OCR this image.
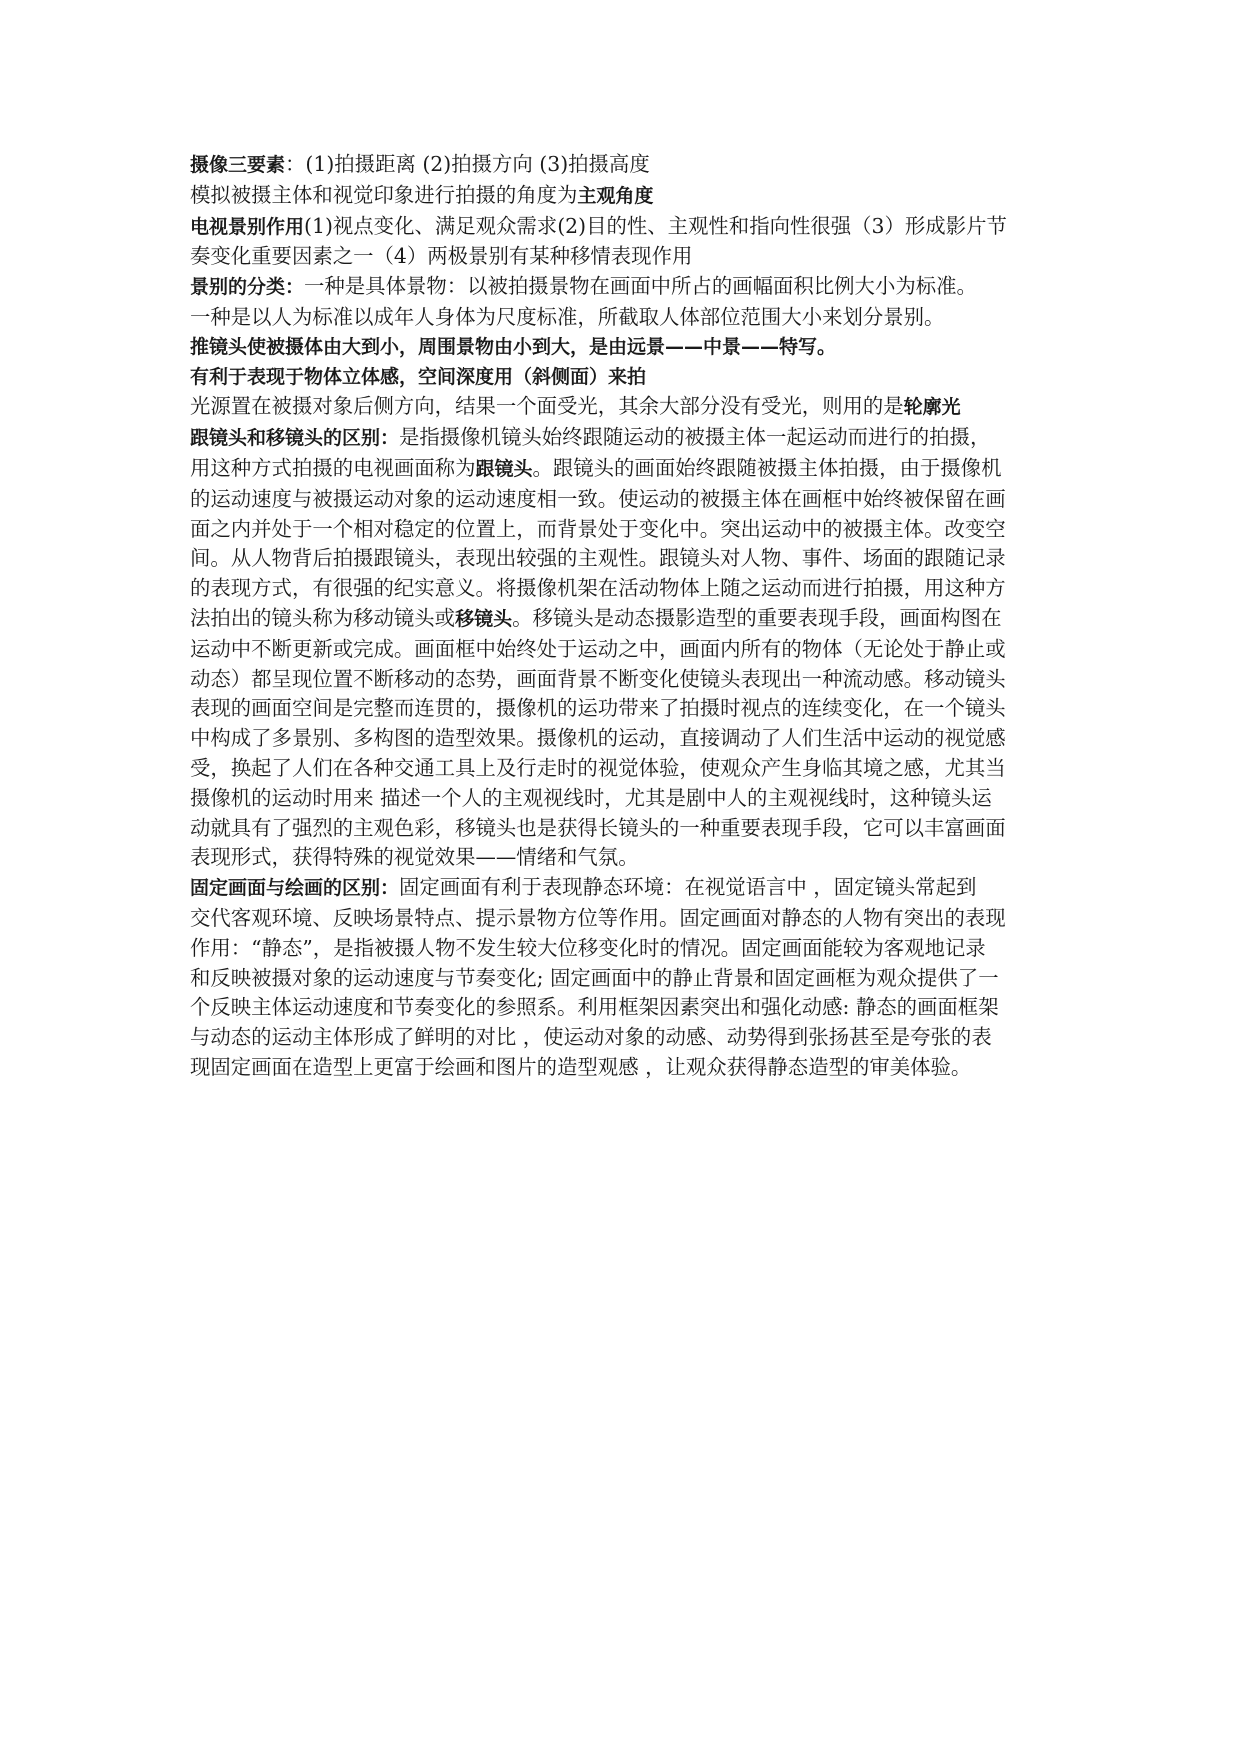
摄像三要素：(1)拍摄距离 (2)拍摄方向 (3)拍摄高度
模拟被摄主体和视觉印象进行拍摄的角度为主观角度
电视景别作用(1)视点变化、满足观众需求(2)目的性、主观性和指向性很强（3）形成影片节
奏变化重要因素之一（4）两极景别有某种移情表现作用
景别的分类：一种是具体景物：以被拍摄景物在画面中所占的画幅面积比例大小为标准。
一种是以人为标准以成年人身体为尺度标准，所截取人体部位范围大小来划分景别。
推镜头使被摄体由大到小，周围景物由小到大，是由远景——中景——特写。
有利于表现于物体立体感，空间深度用（斜侧面）来拍
光源置在被摄对象后侧方向，结果一个面受光，其余大部分没有受光，则用的是轮廓光
跟镜头和移镜头的区别：是指摄像机镜头始终跟随运动的被摄主体一起运动而进行的拍摄，
用这种方式拍摄的电视画面称为跟镜头。跟镜头的画面始终跟随被摄主体拍摄，由于摄像机
的运动速度与被摄运动对象的运动速度相一致。使运动的被摄主体在画框中始终被保留在画
面之内并处于一个相对稳定的位置上，而背景处于变化中。突出运动中的被摄主体。改变空
间。从人物背后拍摄跟镜头，表现出较强的主观性。跟镜头对人物、事件、场面的跟随记录
的表现方式，有很强的纪实意义。将摄像机架在活动物体上随之运动而进行拍摄，用这种方
法拍出的镜头称为移动镜头或移镜头。移镜头是动态摄影造型的重要表现手段，画面构图在
运动中不断更新或完成。画面框中始终处于运动之中，画面内所有的物体（无论处于静止或
动态）都呈现位置不断移动的态势，画面背景不断变化使镜头表现出一种流动感。移动镜头
表现的画面空间是完整而连贯的，摄像机的运功带来了拍摄时视点的连续变化，在一个镜头
中构成了多景别、多构图的造型效果。摄像机的运动，直接调动了人们生活中运动的视觉感
受，换起了人们在各种交通工具上及行走时的视觉体验，使观众产生身临其境之感，尤其当
摄像机的运动时用来 描述一个人的主观视线时，尤其是剧中人的主观视线时，这种镜头运
动就具有了强烈的主观色彩，移镜头也是获得长镜头的一种重要表现手段，它可以丰富画面
表现形式，获得特殊的视觉效果——情绪和气氛。
固定画面与绘画的区别：固定画面有利于表现静态环境：在视觉语言中 ，固定镜头常起到
交代客观环境、反映场景特点、提示景物方位等作用。固定画面对静态的人物有突出的表现
作用：“静态”，是指被摄人物不发生较大位移变化时的情况。固定画面能较为客观地记录
和反映被摄对象的运动速度与节奏变化; 固定画面中的静止背景和固定画框为观众提供了一
个反映主体运动速度和节奏变化的参照系。利用框架因素突出和强化动感: 静态的画面框架
与动态的运动主体形成了鲜明的对比 ，使运动对象的动感、动势得到张扬甚至是夸张的表
现固定画面在造型上更富于绘画和图片的造型观感 ，让观众获得静态造型的审美体验。
